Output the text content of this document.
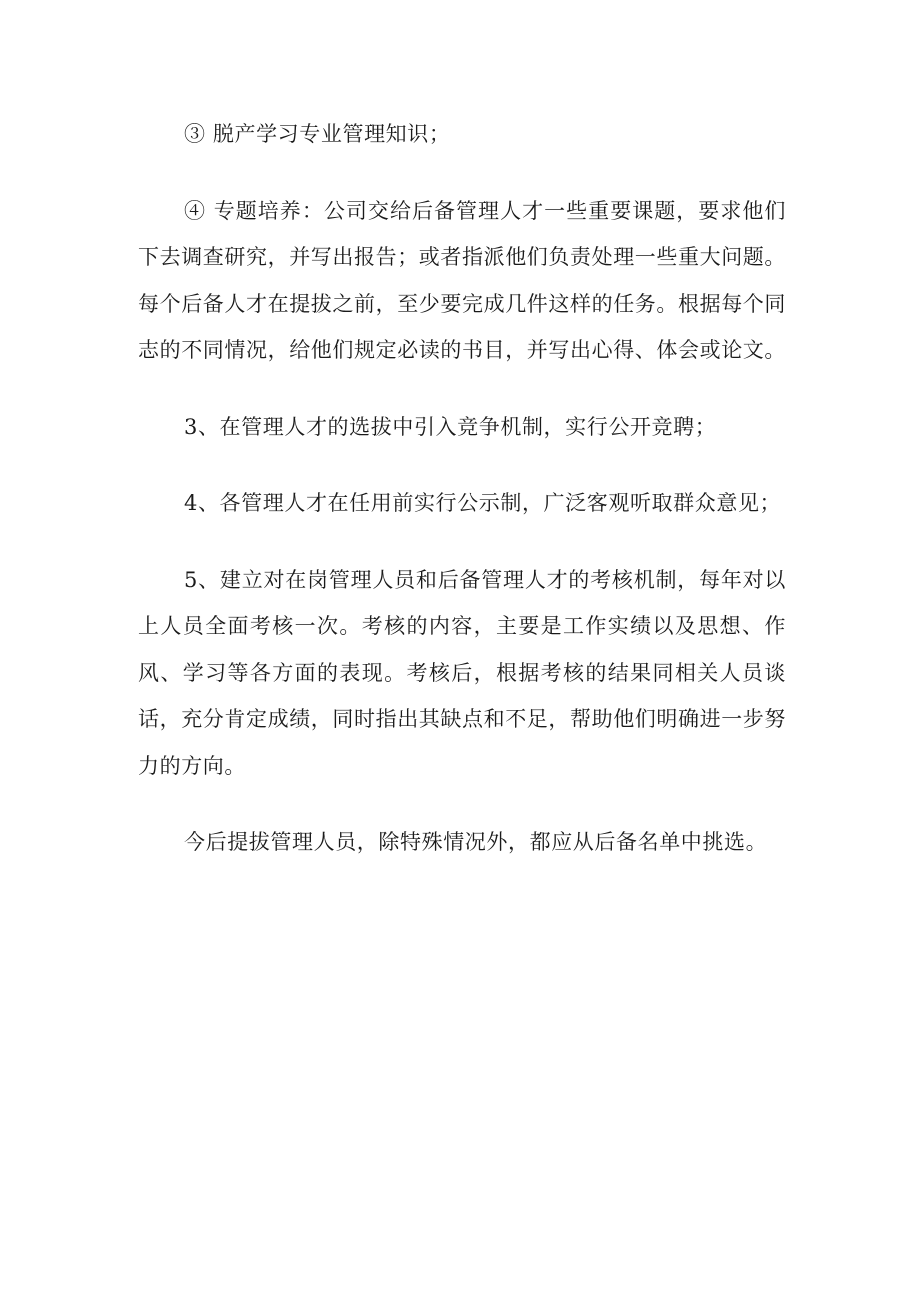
③ 脱产学习专业管理知识；

④ 专题培养：公司交给后备管理人才一些重要课题，要求他们下去调查研究，并写出报告；或者指派他们负责处理一些重大问题。每个后备人才在提拔之前，至少要完成几件这样的任务。根据每个同志的不同情况，给他们规定必读的书目，并写出心得、体会或论文。

3、在管理人才的选拔中引入竞争机制，实行公开竞聘；

4、各管理人才在任用前实行公示制，广泛客观听取群众意见；

5、建立对在岗管理人员和后备管理人才的考核机制，每年对以上人员全面考核一次。考核的内容，主要是工作实绩以及思想、作风、学习等各方面的表现。考核后，根据考核的结果同相关人员谈话，充分肯定成绩，同时指出其缺点和不足，帮助他们明确进一步努力的方向。

今后提拔管理人员，除特殊情况外，都应从后备名单中挑选。
